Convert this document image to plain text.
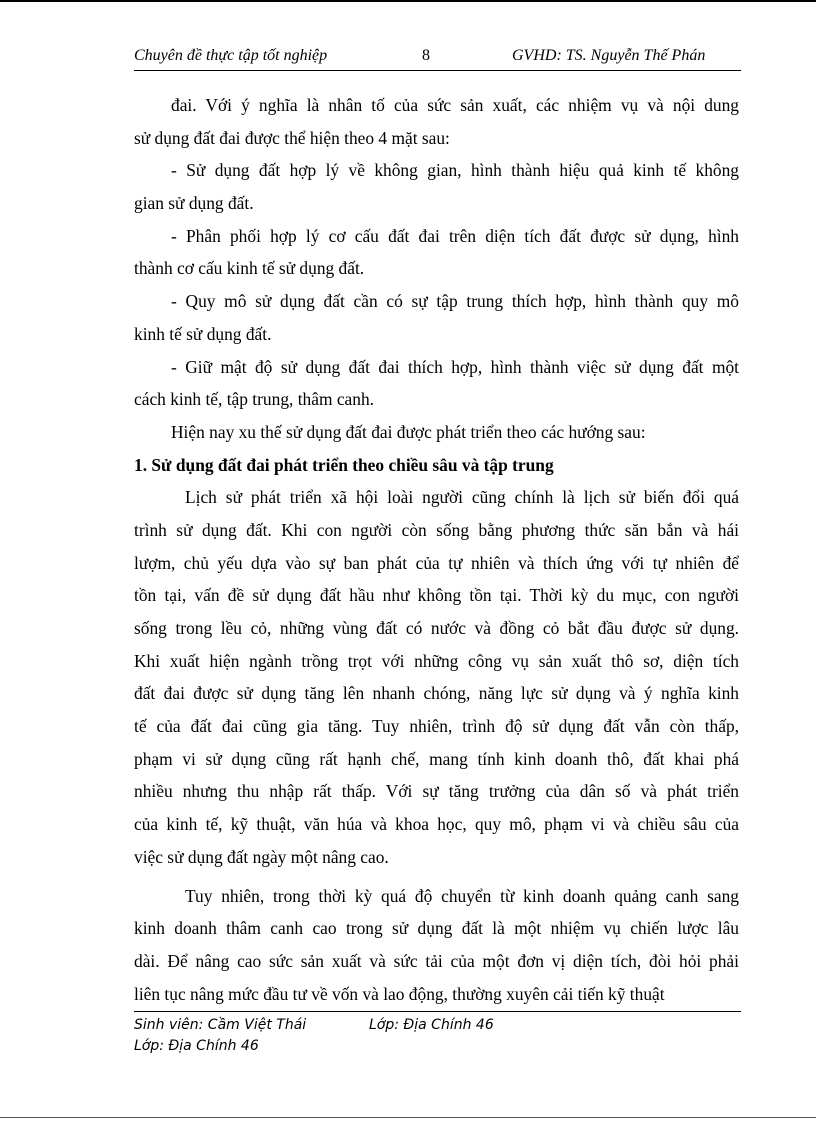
Chuyên đề thực tập tốt nghiệp	8	GVHD: TS. Nguyễn Thế Phán
đai. Với ý nghĩa là nhân tố của sức sản xuất, các nhiệm vụ và nội dung
sử dụng đất đai được thể hiện theo 4 mặt sau:
- Sử dụng đất hợp lý về không gian, hình thành hiệu quả kinh tế không
gian sử dụng đất.
- Phân phối hợp lý cơ cấu đất đai trên diện tích đất được sử dụng, hình
thành cơ cấu kinh tế sử dụng đất.
- Quy mô sử dụng đất cần có sự tập trung thích hợp, hình thành quy mô
kinh tế sử dụng đất.
- Giữ mật độ sử dụng đất đai thích hợp, hình thành việc sử dụng đất một
cách kinh tế, tập trung, thâm canh.
Hiện nay xu thế sử dụng đất đai được phát triển theo các hướng sau:
1. Sử dụng đất đai phát triển theo chiều sâu và tập trung
Lịch sử phát triển xã hội loài người cũng chính là lịch sử biến đổi quá
trình sử dụng đất. Khi con người còn sống bằng phương thức săn bắn và hái
lượm, chủ yếu dựa vào sự ban phát của tự nhiên và thích ứng với tự nhiên để
tồn tại, vấn đề sử dụng đất hầu như không tồn tại. Thời kỳ du mục, con người
sống trong lều cỏ, những vùng đất có nước và đồng cỏ bắt đầu được sử dụng.
Khi xuất hiện ngành trồng trọt với những công vụ sản xuất thô sơ, diện tích
đất đai được sử dụng tăng lên nhanh chóng, năng lực sử dụng và ý nghĩa kinh
tế của đất đai cũng gia tăng. Tuy nhiên, trình độ sử dụng đất vẫn còn thấp,
phạm vi sử dụng cũng rất hạnh chế, mang tính kinh doanh thô, đất khai phá
nhiều nhưng thu nhập rất thấp. Với sự tăng trưởng của dân số và phát triển
của kinh tế, kỹ thuật, văn húa và khoa học, quy mô, phạm vi và chiều sâu của
việc sử dụng đất ngày một nâng cao.
Tuy nhiên, trong thời kỳ quá độ chuyển từ kinh doanh quảng canh sang
kinh doanh thâm canh cao trong sử dụng đất là một nhiệm vụ chiến lược lâu
dài. Để nâng cao sức sản xuất và sức tải của một đơn vị diện tích, đòi hỏi phải
liên tục nâng mức đầu tư về vốn và lao động, thường xuyên cải tiến kỹ thuật
Sinh viên: Cầm Việt Thái	Lớp: Địa Chính 46
Lớp: Địa Chính 46
